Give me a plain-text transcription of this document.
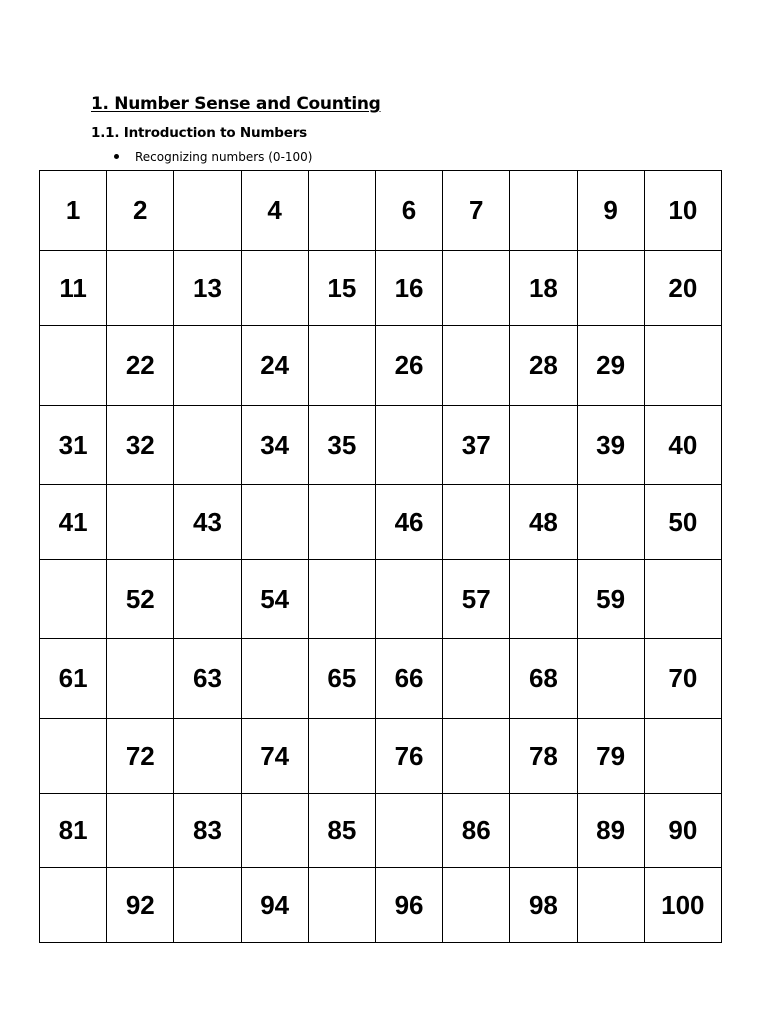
1. Number Sense and Counting
1.1. Introduction to Numbers
Recognizing numbers (0-100)
1	2		4		6	7		9	10
11		13		15	16		18		20
	22		24		26		28	29	
31	32		34	35		37		39	40
41		43			46		48		50
	52		54			57		59	
61		63		65	66		68		70
	72		74		76		78	79	
81		83		85		86		89	90
	92		94		96		98		100
